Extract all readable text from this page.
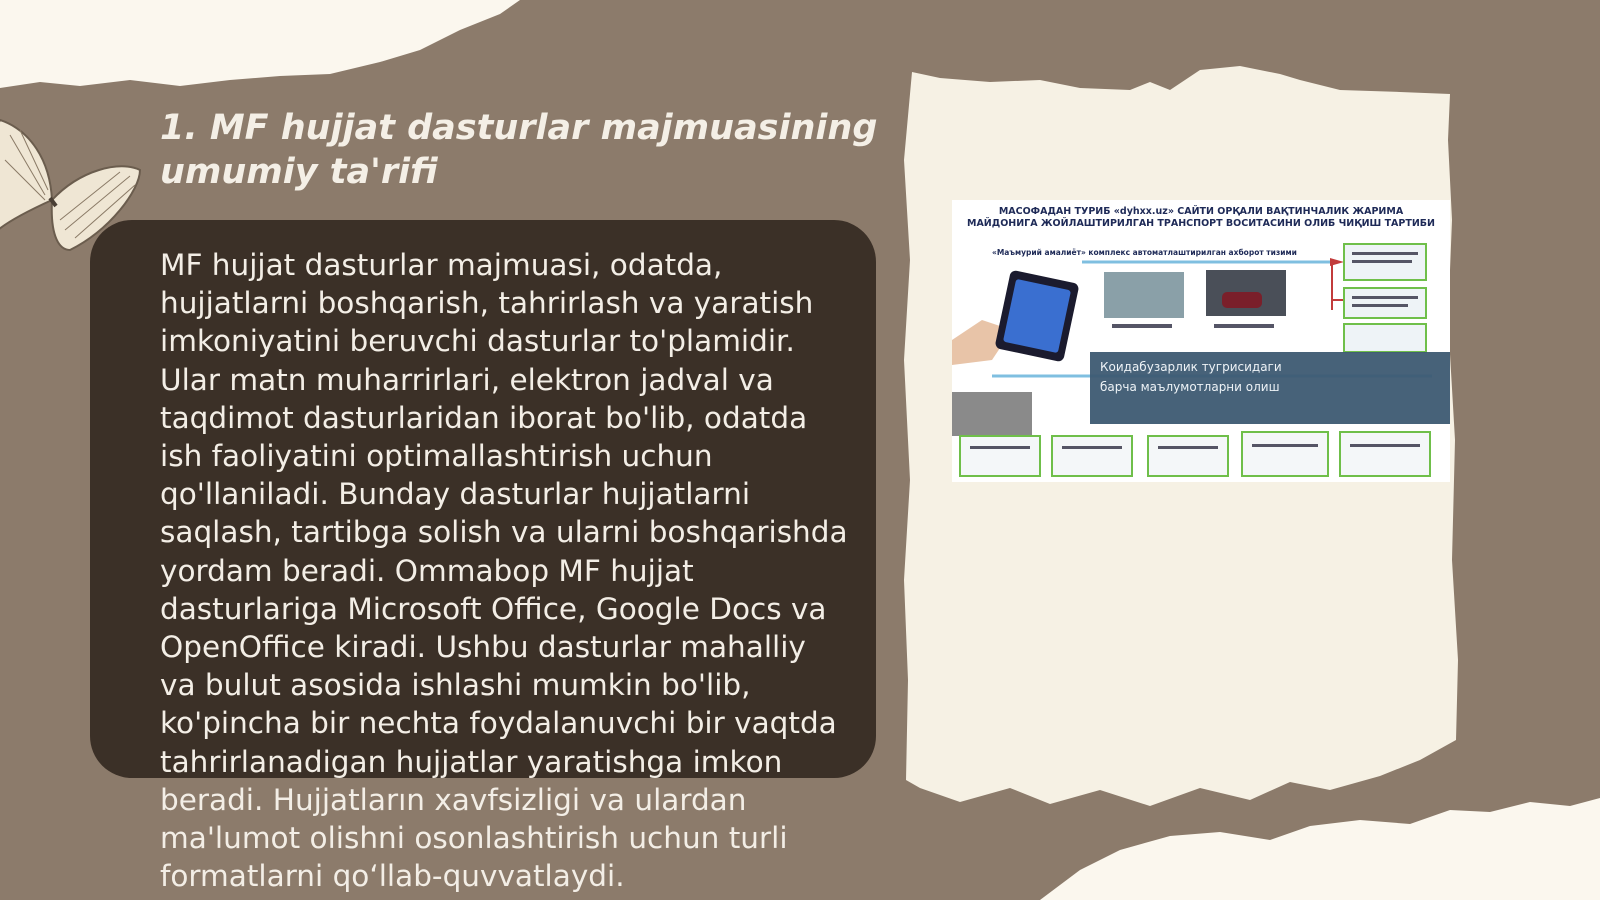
1. MF hujjat dasturlar majmuasining umumiy ta'rifi

MF hujjat dasturlar majmuasi, odatda, hujjatlarni boshqarish, tahrirlash va yaratish imkoniyatini beruvchi dasturlar to'plamidir. Ular matn muharrirlari, elektron jadval va taqdimot dasturlaridan iborat bo'lib, odatda ish faoliyatini optimallashtirish uchun qo'llaniladi. Bunday dasturlar hujjatlarni saqlash, tartibga solish va ularni boshqarishda yordam beradi. Ommabop MF hujjat dasturlariga Microsoft Office, Google Docs va OpenOffice kiradi. Ushbu dasturlar mahalliy va bulut asosida ishlashi mumkin bo'lib, ko'pincha bir nechta foydalanuvchi bir vaqtda tahrirlanadigan hujjatlar yaratishga imkon beradi. Hujjatların xavfsizligi va ulardan ma'lumot olishni osonlashtirish uchun turli formatlarni qo‘llab-quvvatlaydi.

МАСОФАДАН ТУРИБ «dyhxx.uz» САЙТИ ОРҚАЛИ ВАҚТИНЧАЛИК ЖАРИМА
МАЙДОНИГА ЖОЙЛАШТИРИЛГАН ТРАНСПОРТ ВОСИТАСИНИ ОЛИБ ЧИҚИШ ТАРТИБИ
«Маъмурий амалиёт» комплекс автоматлаштирилган ахборот тизими
Коидабузарлик тугрисидаги
барча маълумотларни олиш
